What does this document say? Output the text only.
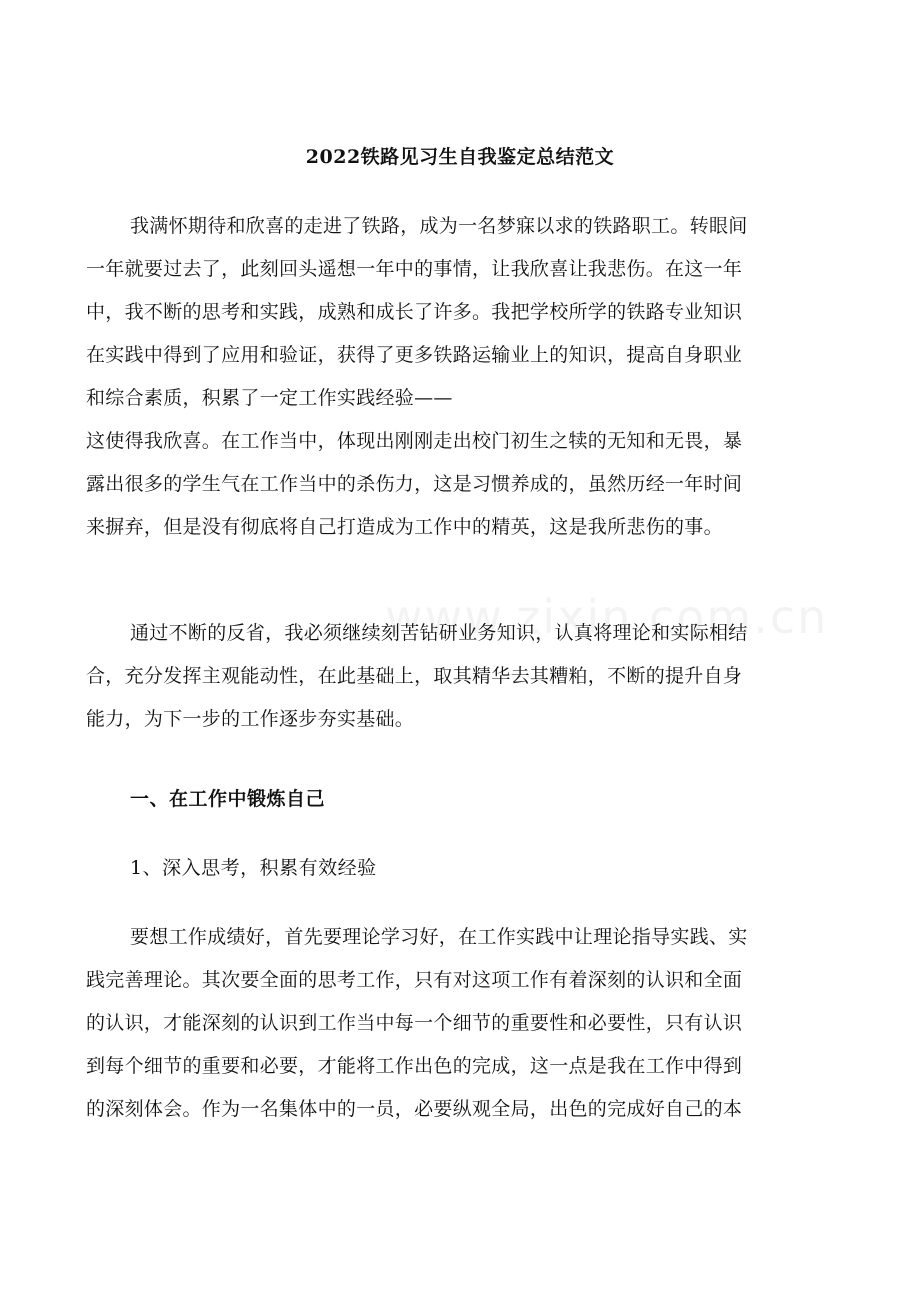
2022铁路见习生自我鉴定总结范文
我满怀期待和欣喜的走进了铁路，成为一名梦寐以求的铁路职工。转眼间
一年就要过去了，此刻回头遥想一年中的事情，让我欣喜让我悲伤。在这一年
中，我不断的思考和实践，成熟和成长了许多。我把学校所学的铁路专业知识
在实践中得到了应用和验证，获得了更多铁路运输业上的知识，提高自身职业
和综合素质，积累了一定工作实践经验——
这使得我欣喜。在工作当中，体现出刚刚走出校门初生之犊的无知和无畏，暴
露出很多的学生气在工作当中的杀伤力，这是习惯养成的，虽然历经一年时间
来摒弃，但是没有彻底将自己打造成为工作中的精英，这是我所悲伤的事。
通过不断的反省，我必须继续刻苦钻研业务知识，认真将理论和实际相结
合，充分发挥主观能动性，在此基础上，取其精华去其糟粕，不断的提升自身
能力，为下一步的工作逐步夯实基础。
一、在工作中锻炼自己
1、深入思考，积累有效经验
要想工作成绩好，首先要理论学习好，在工作实践中让理论指导实践、实
践完善理论。其次要全面的思考工作，只有对这项工作有着深刻的认识和全面
的认识，才能深刻的认识到工作当中每一个细节的重要性和必要性，只有认识
到每个细节的重要和必要，才能将工作出色的完成，这一点是我在工作中得到
的深刻体会。作为一名集体中的一员，必要纵观全局，出色的完成好自己的本
